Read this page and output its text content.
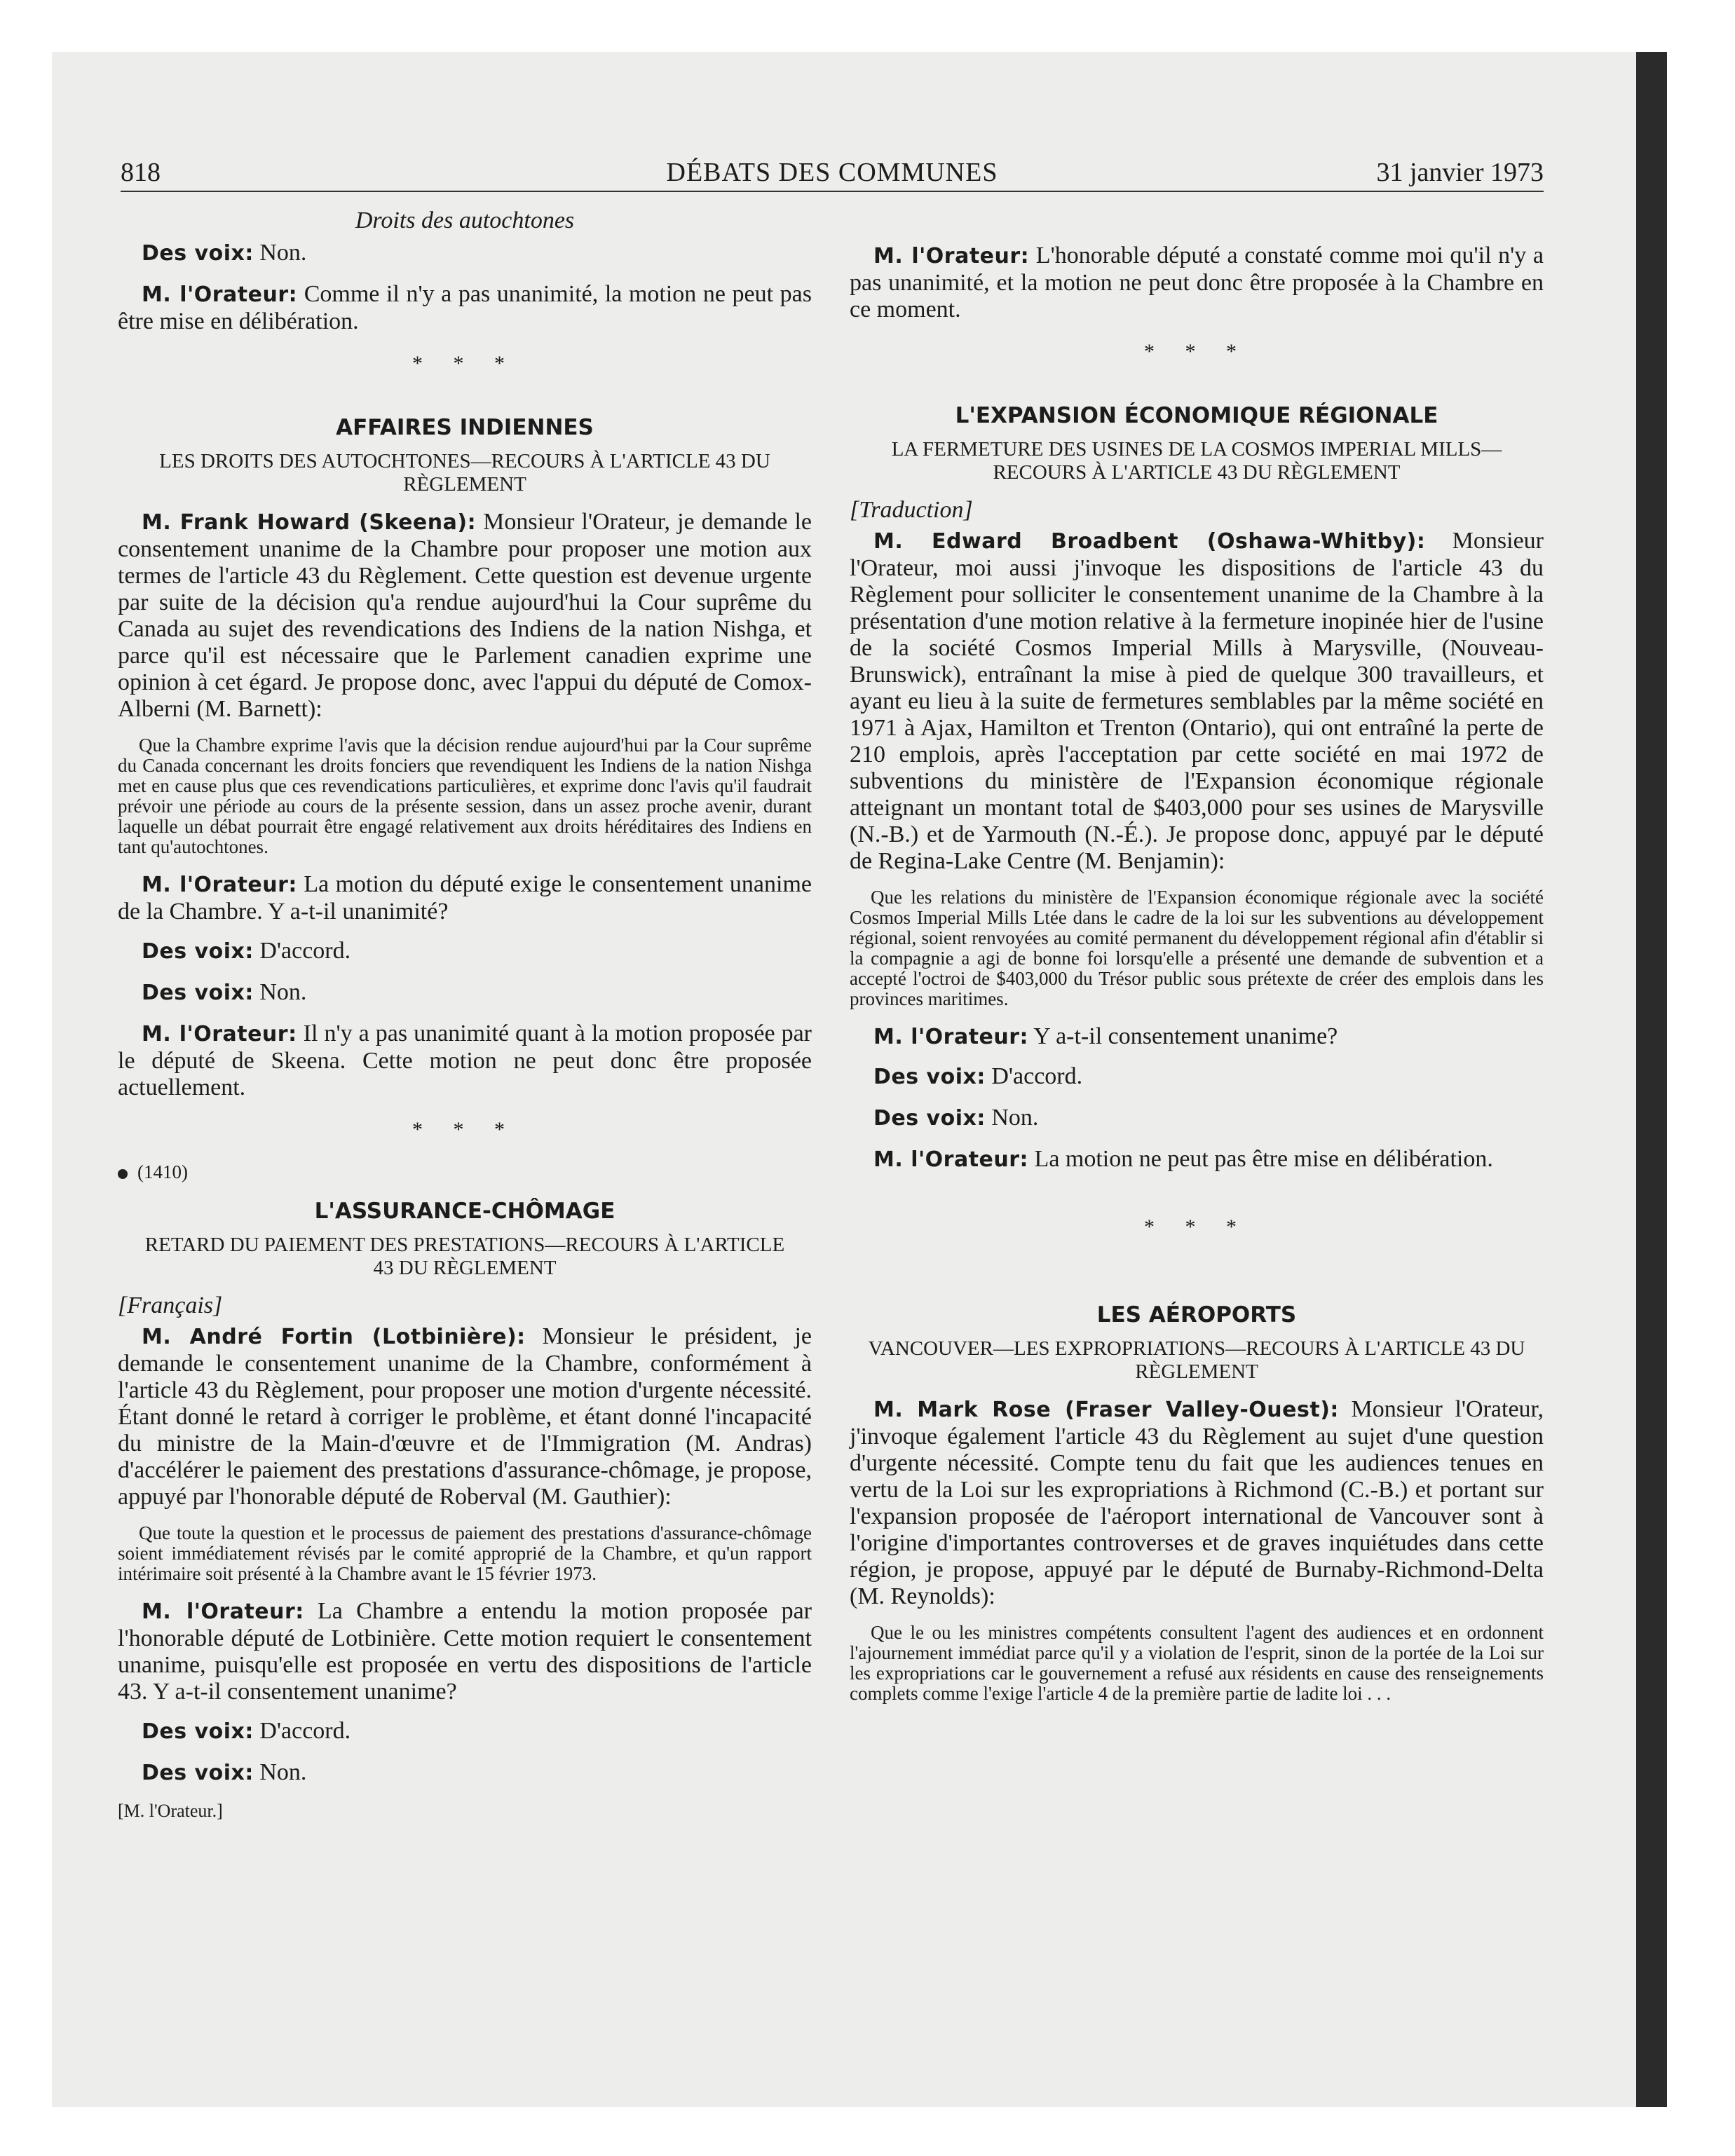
818	DÉBATS DES COMMUNES	31 janvier 1973

Droits des autochtones

Des voix: Non.

M. l'Orateur: Comme il n'y a pas unanimité, la motion ne peut pas être mise en délibération.

* * *

AFFAIRES INDIENNES

LES DROITS DES AUTOCHTONES—RECOURS À L'ARTICLE 43 DU RÈGLEMENT

M. Frank Howard (Skeena): Monsieur l'Orateur, je demande le consentement unanime de la Chambre pour proposer une motion aux termes de l'article 43 du Règlement. Cette question est devenue urgente par suite de la décision qu'a rendue aujourd'hui la Cour suprême du Canada au sujet des revendications des Indiens de la nation Nishga, et parce qu'il est nécessaire que le Parlement canadien exprime une opinion à cet égard. Je propose donc, avec l'appui du député de Comox-Alberni (M. Barnett):

Que la Chambre exprime l'avis que la décision rendue aujourd'hui par la Cour suprême du Canada concernant les droits fonciers que revendiquent les Indiens de la nation Nishga met en cause plus que ces revendications particulières, et exprime donc l'avis qu'il faudrait prévoir une période au cours de la présente session, dans un assez proche avenir, durant laquelle un débat pourrait être engagé relativement aux droits héréditaires des Indiens en tant qu'autochtones.

M. l'Orateur: La motion du député exige le consentement unanime de la Chambre. Y a-t-il unanimité?

Des voix: D'accord.

Des voix: Non.

M. l'Orateur: Il n'y a pas unanimité quant à la motion proposée par le député de Skeena. Cette motion ne peut donc être proposée actuellement.

* * *

(1410)

L'ASSURANCE-CHÔMAGE

RETARD DU PAIEMENT DES PRESTATIONS—RECOURS À L'ARTICLE 43 DU RÈGLEMENT

[Français]

M. André Fortin (Lotbinière): Monsieur le président, je demande le consentement unanime de la Chambre, conformément à l'article 43 du Règlement, pour proposer une motion d'urgente nécessité. Étant donné le retard à corriger le problème, et étant donné l'incapacité du ministre de la Main-d'œuvre et de l'Immigration (M. Andras) d'accélérer le paiement des prestations d'assurance-chômage, je propose, appuyé par l'honorable député de Roberval (M. Gauthier):

Que toute la question et le processus de paiement des prestations d'assurance-chômage soient immédiatement révisés par le comité approprié de la Chambre, et qu'un rapport intérimaire soit présenté à la Chambre avant le 15 février 1973.

M. l'Orateur: La Chambre a entendu la motion proposée par l'honorable député de Lotbinière. Cette motion requiert le consentement unanime, puisqu'elle est proposée en vertu des dispositions de l'article 43. Y a-t-il consentement unanime?

Des voix: D'accord.

Des voix: Non.

[M. l'Orateur.]

M. l'Orateur: L'honorable député a constaté comme moi qu'il n'y a pas unanimité, et la motion ne peut donc être proposée à la Chambre en ce moment.

* * *

L'EXPANSION ÉCONOMIQUE RÉGIONALE

LA FERMETURE DES USINES DE LA COSMOS IMPERIAL MILLS—RECOURS À L'ARTICLE 43 DU RÈGLEMENT

[Traduction]

M. Edward Broadbent (Oshawa-Whitby): Monsieur l'Orateur, moi aussi j'invoque les dispositions de l'article 43 du Règlement pour solliciter le consentement unanime de la Chambre à la présentation d'une motion relative à la fermeture inopinée hier de l'usine de la société Cosmos Imperial Mills à Marysville, (Nouveau-Brunswick), entraînant la mise à pied de quelque 300 travailleurs, et ayant eu lieu à la suite de fermetures semblables par la même société en 1971 à Ajax, Hamilton et Trenton (Ontario), qui ont entraîné la perte de 210 emplois, après l'acceptation par cette société en mai 1972 de subventions du ministère de l'Expansion économique régionale atteignant un montant total de $403,000 pour ses usines de Marysville (N.-B.) et de Yarmouth (N.-É.). Je propose donc, appuyé par le député de Regina-Lake Centre (M. Benjamin):

Que les relations du ministère de l'Expansion économique régionale avec la société Cosmos Imperial Mills Ltée dans le cadre de la loi sur les subventions au développement régional, soient renvoyées au comité permanent du développement régional afin d'établir si la compagnie a agi de bonne foi lorsqu'elle a présenté une demande de subvention et a accepté l'octroi de $403,000 du Trésor public sous prétexte de créer des emplois dans les provinces maritimes.

M. l'Orateur: Y a-t-il consentement unanime?

Des voix: D'accord.

Des voix: Non.

M. l'Orateur: La motion ne peut pas être mise en délibération.

* * *

LES AÉROPORTS

VANCOUVER—LES EXPROPRIATIONS—RECOURS À L'ARTICLE 43 DU RÈGLEMENT

M. Mark Rose (Fraser Valley-Ouest): Monsieur l'Orateur, j'invoque également l'article 43 du Règlement au sujet d'une question d'urgente nécessité. Compte tenu du fait que les audiences tenues en vertu de la Loi sur les expropriations à Richmond (C.-B.) et portant sur l'expansion proposée de l'aéroport international de Vancouver sont à l'origine d'importantes controverses et de graves inquiétudes dans cette région, je propose, appuyé par le député de Burnaby-Richmond-Delta (M. Reynolds):

Que le ou les ministres compétents consultent l'agent des audiences et en ordonnent l'ajournement immédiat parce qu'il y a violation de l'esprit, sinon de la portée de la Loi sur les expropriations car le gouvernement a refusé aux résidents en cause des renseignements complets comme l'exige l'article 4 de la première partie de ladite loi . . .
